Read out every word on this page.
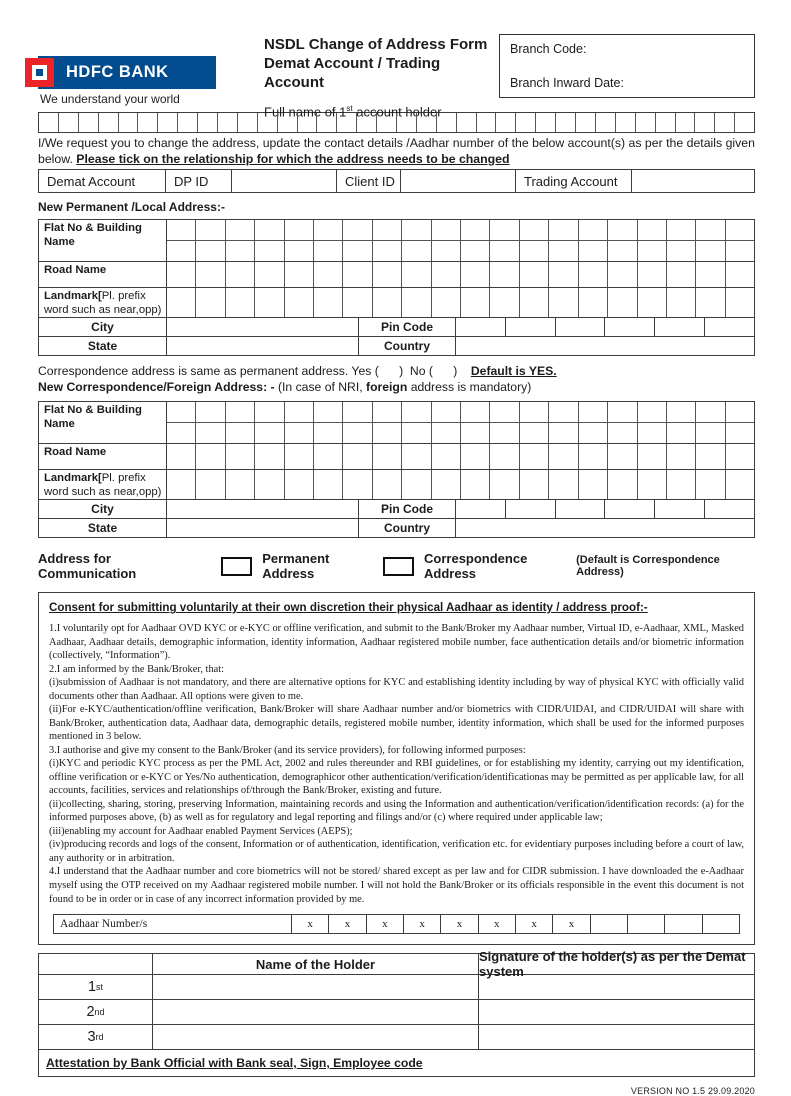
HDFC BANK
We understand your world
NSDL Change of Address Form
Demat Account / Trading Account
Full name of 1st account holder
Branch Code:
Branch Inward Date:
I/We request you to change the address, update the contact details /Aadhar number of the below account(s) as per the details given below. Please tick on the relationship for which the address needs to be changed
Demat Account	DP ID	Client ID	Trading Account
New Permanent /Local Address:-
Flat No & Building Name
Road Name
Landmark[Pl. prefix word such as near,opp)
City	Pin Code
State	Country
Correspondence address is same as permanent address. Yes (      )  No (      )    Default is YES.
New Correspondence/Foreign Address: - (In case of NRI, foreign address is mandatory)
Flat No & Building Name
Road Name
Landmark[Pl. prefix word such as near,opp)
City	Pin Code
State	Country
Address for Communication
Permanent Address
Correspondence Address
(Default is Correspondence Address)
Consent for submitting voluntarily at their own discretion their physical Aadhaar as identity / address proof:-

1.I voluntarily opt for Aadhaar OVD KYC or e-KYC or offline verification, and submit to the Bank/Broker my Aadhaar number, Virtual ID, e-Aadhaar, XML, Masked Aadhaar, Aadhaar details, demographic information, identity information, Aadhaar registered mobile number, face authentication details and/or biometric information (collectively, “Information”).

2.I am informed by the Bank/Broker, that:

(i)submission of Aadhaar is not mandatory, and there are alternative options for KYC and establishing identity including by way of physical KYC with officially valid documents other than Aadhaar. All options were given to me.

(ii)For e-KYC/authentication/offline verification, Bank/Broker will share Aadhaar number and/or biometrics with CIDR/UIDAI, and CIDR/UIDAI will share with Bank/Broker, authentication data, Aadhaar data, demographic details, registered mobile number, identity information, which shall be used for the informed purposes mentioned in 3 below.

3.I authorise and give my consent to the Bank/Broker (and its service providers), for following informed purposes:

(i)KYC and periodic KYC process as per the PML Act, 2002 and rules thereunder and RBI guidelines, or for establishing my identity, carrying out my identification, offline verification or e-KYC or Yes/No authentication, demographicor other authentication/verification/identificationas may be permitted as per applicable law, for all accounts, facilities, services and relationships of/through the Bank/Broker, existing and future.

(ii)collecting, sharing, storing, preserving Information, maintaining records and using the Information and authentication/verification/identification records: (a) for the informed purposes above, (b) as well as for regulatory and legal reporting and filings and/or (c) where required under applicable law;

(iii)enabling my account for Aadhaar enabled Payment Services (AEPS);

(iv)producing records and logs of the consent, Information or of authentication, identification, verification etc. for evidentiary purposes including before a court of law, any authority or in arbitration.

4.I understand that the Aadhaar number and core biometrics will not be stored/ shared except as per law and for CIDR submission. I have downloaded the e-Aadhaar myself using the OTP received on my Aadhaar registered mobile number. I will not hold the Bank/Broker or its officials responsible in the event this document is not found to be in order or in case of any incorrect information provided by me.

Aadhaar Number/s	x	x	x	x	x	x	x	x
Name of the Holder	Signature of the holder(s) as per the Demat system
1 st
2 nd
3 rd
Attestation by Bank Official with Bank seal, Sign, Employee code
VERSION NO 1.5 29.09.2020
